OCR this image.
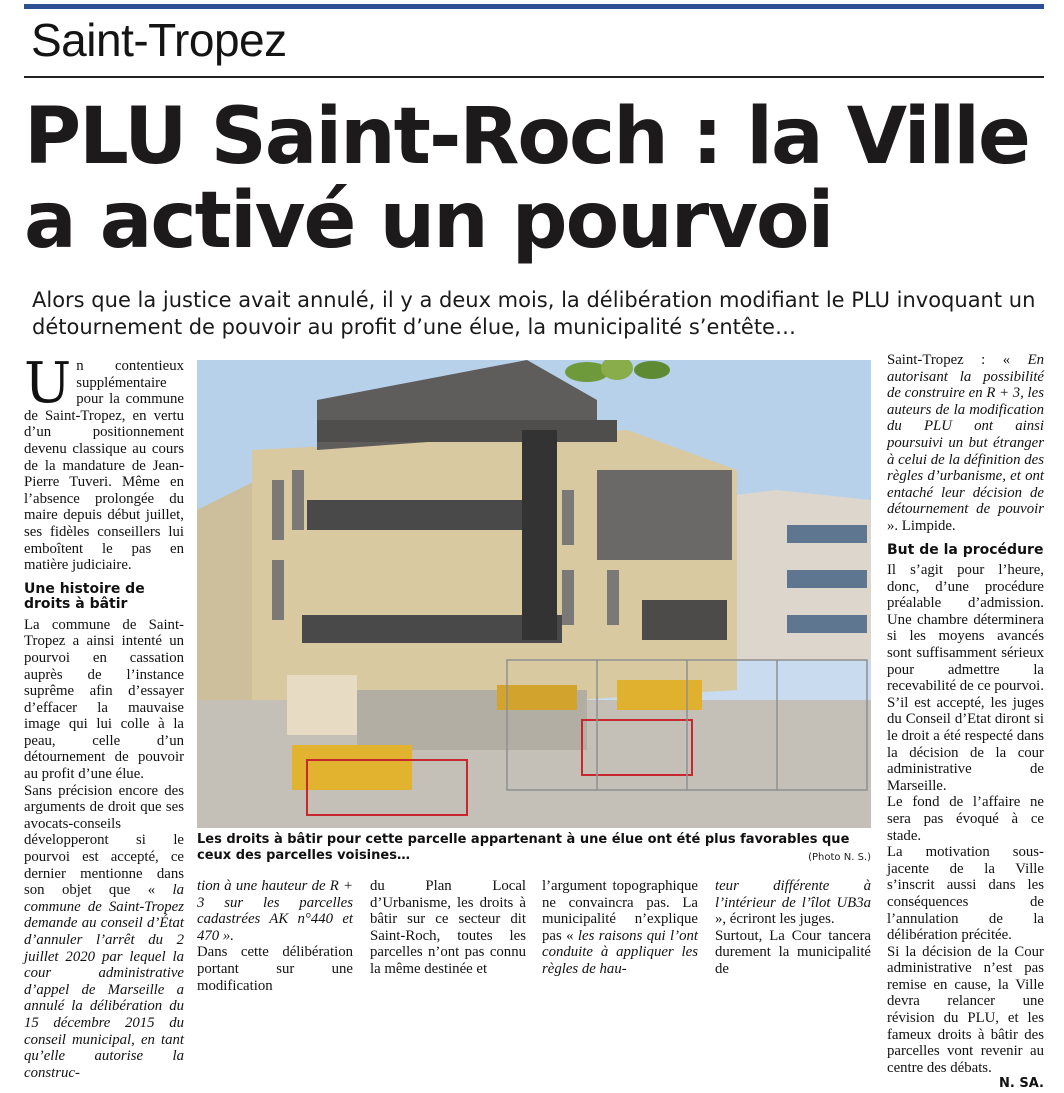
Saint-Tropez
PLU Saint-Roch : la Ville
a activé un pourvoi
Alors que la justice avait annulé, il y a deux mois, la délibération modifiant le PLU invoquant un détournement de pouvoir au profit d’une élue, la municipalité s’entête…

Un contentieux supplémentaire pour la commune de Saint-Tropez, en vertu d’un positionnement devenu classique au cours de la mandature de Jean-Pierre Tuveri. Même en l’absence prolongée du maire depuis début juillet, ses fidèles conseillers lui emboîtent le pas en matière judiciaire.

Une histoire de droits à bâtir

La commune de Saint-Tropez a ainsi intenté un pourvoi en cassation auprès de l’instance suprême afin d’essayer d’effacer la mauvaise image qui lui colle à la peau, celle d’un détournement de pouvoir au profit d’une élue.

Sans précision encore des arguments de droit que ses avocats-conseils développeront si le pourvoi est accepté, ce dernier mentionne dans son objet que « la commune de Saint-Tropez demande au conseil d’État d’annuler l’arrêt du 2 juillet 2020 par lequel la cour administrative d’appel de Marseille a annulé la délibération du 15 décembre 2015 du conseil municipal, en tant qu’elle autorise la construc-

Les droits à bâtir pour cette parcelle appartenant à une élue ont été plus favorables que ceux des parcelles voisines…	(Photo N. S.)
tion à une hauteur de R + 3 sur les parcelles cadastrées AK n°440 et 470 ».
Dans cette délibération portant sur une modification
du Plan Local d’Urbanisme, les droits à bâtir sur ce secteur dit Saint-Roch, toutes les parcelles n’ont pas connu la même destinée et
l’argument topographique ne convaincra pas. La municipalité n’explique pas « les raisons qui l’ont conduite à appliquer les règles de hau-
teur différente à l’intérieur de l’îlot UB3a », écriront les juges.
Surtout, La Cour tancera durement la municipalité de

Saint-Tropez : « En autorisant la possibilité de construire en R + 3, les auteurs de la modification du PLU ont ainsi poursuivi un but étranger à celui de la définition des règles d’urbanisme, et ont entaché leur décision de détournement de pouvoir ». Limpide.

But de la procédure

Il s’agit pour l’heure, donc, d’une procédure préalable d’admission. Une chambre déterminera si les moyens avancés sont suffisamment sérieux pour admettre la recevabilité de ce pourvoi.

S’il est accepté, les juges du Conseil d’Etat diront si le droit a été respecté dans la décision de la cour administrative de Marseille.

Le fond de l’affaire ne sera pas évoqué à ce stade.

La motivation sous-jacente de la Ville s’inscrit aussi dans les conséquences de l’annulation de la délibération précitée.

Si la décision de la Cour administrative n’est pas remise en cause, la Ville devra relancer une révision du PLU, et les fameux droits à bâtir des parcelles vont revenir au centre des débats.

N. SA.
